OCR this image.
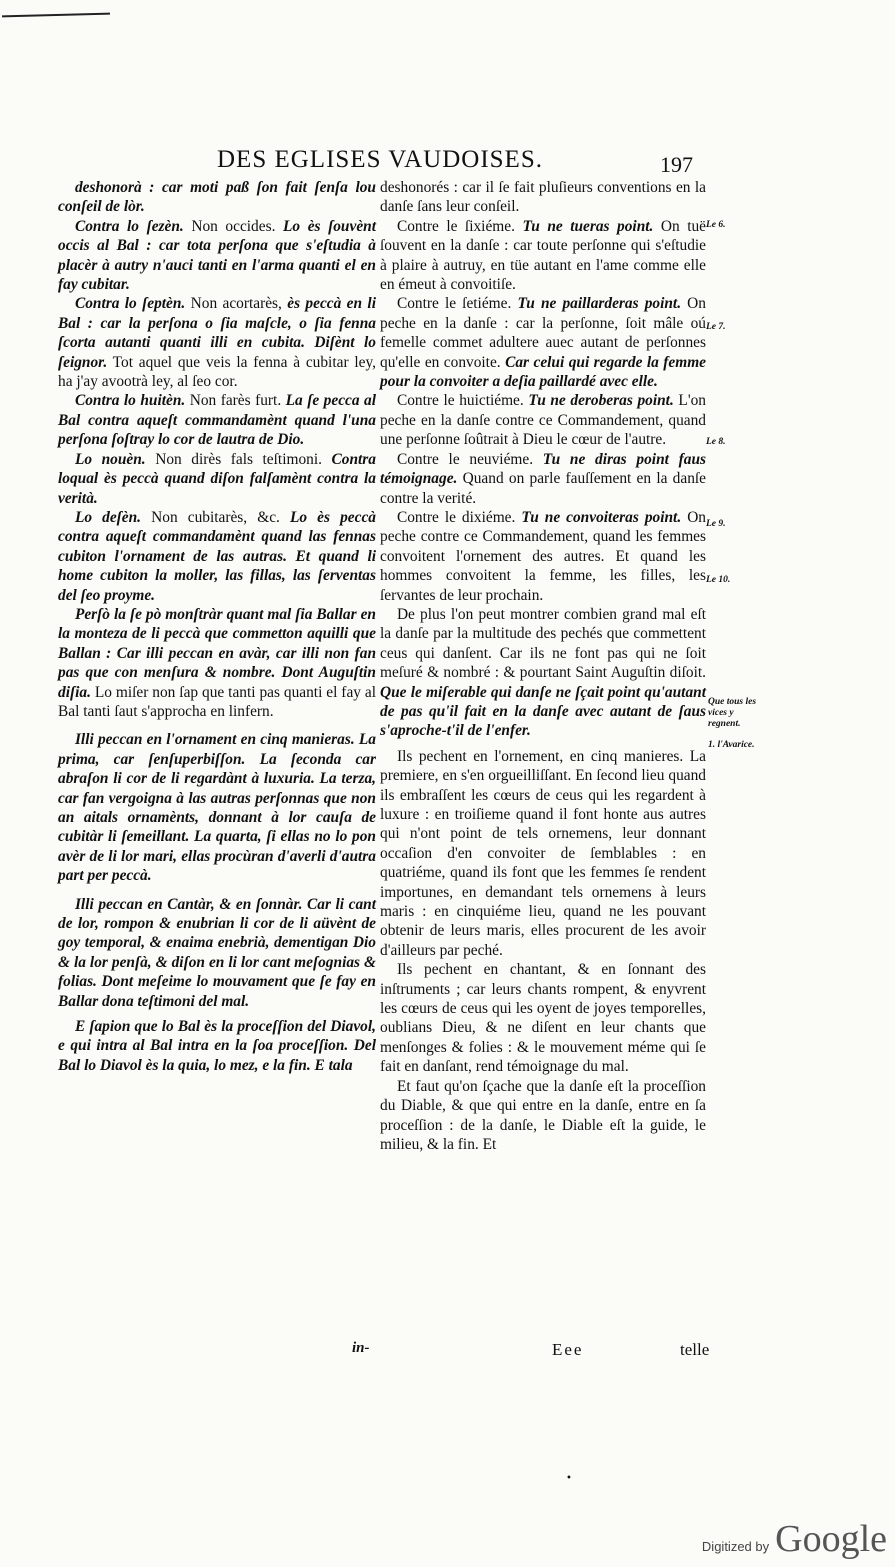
DES EGLISES VAUDOISES.	197

deshonorà : car moti paß ſon fait ſenſa lou conſeil de lòr.

Contra lo ſezèn. Non occides. Lo ès ſouvènt occis al Bal : car tota perſona que s'eſtudia à placèr à autry n'auci tanti en l'arma quanti el en fay cubitar.

Contra lo ſeptèn. Non acortarès, ès peccà en li Bal : car la perſona o ſia maſcle, o ſia fenna ſcorta autanti quanti illi en cubita. Diſènt lo ſeignor. Tot aquel que veis la fenna à cubitar ley, ha j'ay avootrà ley, al ſeo cor.

Contra lo huitèn. Non farès furt. La ſe pecca al Bal contra aqueſt commandamènt quand l'una perſona ſoſtray lo cor de lautra de Dio.

Lo nouèn. Non dirès fals teſtimoni. Contra loqual ès peccà quand diſon falſamènt contra la verità.

Lo deſèn. Non cubitarès, &c. Lo ès peccà contra aqueſt commandamènt quand las fennas cubiton l'ornament de las autras. Et quand li home cubiton la moller, las fillas, las ſerventas del ſeo proyme.

Perſò la ſe pò monſtràr quant mal ſia Ballar en la monteza de li peccà que commetton aquilli que Ballan : Car illi peccan en avàr, car illi non fan pas que con menſura & nombre. Dont Auguſtin diſia. Lo miſer non ſap que tanti pas quanti el fay al Bal tanti ſaut s'approcha en linfern.

Illi peccan en l'ornament en cinq manieras. La prima, car ſenſuperbiſſon. La ſeconda car abraſon li cor de li regardànt à luxuria. La terza, car fan vergoigna à las autras perſonnas que non an aitals ornamènts, donnant à lor cauſa de cubitàr li ſemeillant. La quarta, ſi ellas no lo pon avèr de li lor mari, ellas procùran d'averli d'autra part per peccà.

Illi peccan en Cantàr, & en ſonnàr. Car li cant de lor, rompon & enubrian li cor de li aüvènt de goy temporal, & enaima enebrià, dementigan Dio & la lor penſà, & diſon en li lor cant meſognias & folias. Dont meſeime lo mouvament que ſe fay en Ballar dona teſtimoni del mal.

E ſapion que lo Bal ès la proceſſion del Diavol, e qui intra al Bal intra en la ſoa proceſſion. Del Bal lo Diavol ès la quia, lo mez, e la fin. E tala

deshonorés : car il ſe fait pluſieurs conventions en la danſe ſans leur conſeil.

Contre le ſixiéme. Tu ne tueras point. On tuë ſouvent en la danſe : car toute perſonne qui s'eſtudie à plaire à autruy, en tüe autant en l'ame comme elle en émeut à convoitiſe.

Contre le ſetiéme. Tu ne paillarderas point. On peche en la danſe : car la perſonne, ſoit mâle oú femelle commet adultere auec autant de perſonnes qu'elle en convoite. Car celui qui regarde la femme pour la convoiter a deſia paillardé avec elle.

Contre le huictiéme. Tu ne deroberas point. L'on peche en la danſe contre ce Commandement, quand une perſonne ſoûtrait à Dieu le cœur de l'autre.

Contre le neuviéme. Tu ne diras point faus témoignage. Quand on parle fauſſement en la danſe contre la verité.

Contre le dixiéme. Tu ne convoiteras point. On peche contre ce Commandement, quand les femmes convoitent l'ornement des autres. Et quand les hommes convoitent la femme, les filles, les ſervantes de leur prochain.

De plus l'on peut montrer combien grand mal eſt la danſe par la multitude des pechés que commettent ceus qui danſent. Car ils ne font pas qui ne ſoit meſuré & nombré : & pourtant Saint Auguſtin diſoit. Que le miſerable qui danſe ne ſçait point qu'autant de pas qu'il fait en la danſe avec autant de ſaus s'aproche-t'il de l'enfer.

Ils pechent en l'ornement, en cinq manieres. La premiere, en s'en orgueilliſſant. En ſecond lieu quand ils embraſſent les cœurs de ceus qui les regardent à luxure : en troiſieme quand il font honte aus autres qui n'ont point de tels ornemens, leur donnant occaſion d'en convoiter de ſemblables : en quatriéme, quand ils font que les femmes ſe rendent importunes, en demandant tels ornemens à leurs maris : en cinquiéme lieu, quand ne les pouvant obtenir de leurs maris, elles procurent de les avoir d'ailleurs par peché.

Ils pechent en chantant, & en ſonnant des inſtruments ; car leurs chants rompent, & enyvrent les cœurs de ceus qui les oyent de joyes temporelles, oublians Dieu, & ne diſent en leur chants que menſonges & folies : & le mouvement méme qui ſe fait en danſant, rend témoignage du mal.

Et faut qu'on ſçache que la danſe eſt la proceſſion du Diable, & que qui entre en la danſe, entre en ſa proceſſion : de la danſe, le Diable eſt la guide, le milieu, & la fin. Et

Le 6.
Le 7.
Le 8.
Le 9.
Le 10.
Que tous les vices y regnent.
1. l'Avarice.
in-	Eee	telle
•
Digitized by Google
